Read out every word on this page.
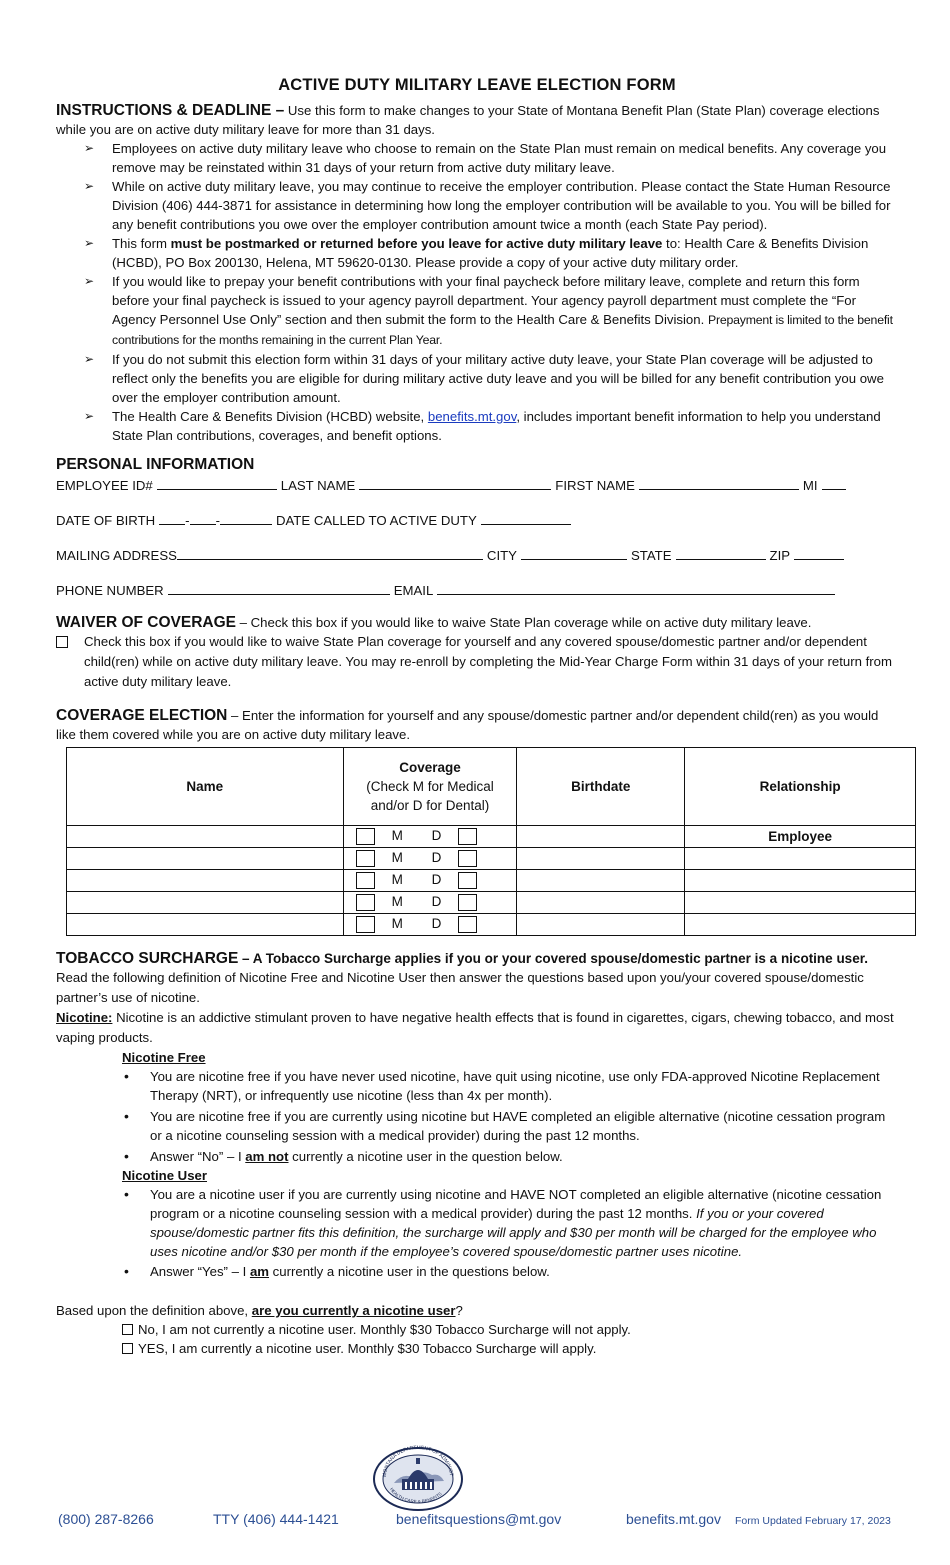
ACTIVE DUTY MILITARY LEAVE ELECTION FORM

INSTRUCTIONS & DEADLINE – Use this form to make changes to your State of Montana Benefit Plan (State Plan) coverage elections while you are on active duty military leave for more than 31 days.

➢ Employees on active duty military leave who choose to remain on the State Plan must remain on medical benefits. Any coverage you remove may be reinstated within 31 days of your return from active duty military leave.
➢ While on active duty military leave, you may continue to receive the employer contribution. Please contact the State Human Resource Division (406) 444-3871 for assistance in determining how long the employer contribution will be available to you. You will be billed for any benefit contributions you owe over the employer contribution amount twice a month (each State Pay period).
➢ This form must be postmarked or returned before you leave for active duty military leave to: Health Care & Benefits Division (HCBD), PO Box 200130, Helena, MT 59620-0130. Please provide a copy of your active duty military order.
➢ If you would like to prepay your benefit contributions with your final paycheck before military leave, complete and return this form before your final paycheck is issued to your agency payroll department. Your agency payroll department must complete the “For Agency Personnel Use Only” section and then submit the form to the Health Care & Benefits Division. Prepayment is limited to the benefit contributions for the months remaining in the current Plan Year.
➢ If you do not submit this election form within 31 days of your military active duty leave, your State Plan coverage will be adjusted to reflect only the benefits you are eligible for during military active duty leave and you will be billed for any benefit contribution you owe over the employer contribution amount.
➢ The Health Care & Benefits Division (HCBD) website, benefits.mt.gov, includes important benefit information to help you understand State Plan contributions, coverages, and benefit options.
PERSONAL INFORMATION
EMPLOYEE ID#	LAST NAME	FIRST NAME	MI
DATE OF BIRTH - -	DATE CALLED TO ACTIVE DUTY
MAILING ADDRESS	CITY	STATE	ZIP
PHONE NUMBER	EMAIL

WAIVER OF COVERAGE – Check this box if you would like to waive State Plan coverage while on active duty military leave.

Check this box if you would like to waive State Plan coverage for yourself and any covered spouse/domestic partner and/or dependent child(ren) while on active duty military leave. You may re-enroll by completing the Mid-Year Charge Form within 31 days of your return from active duty military leave.

COVERAGE ELECTION – Enter the information for yourself and any spouse/domestic partner and/or dependent child(ren) as you would like them covered while you are on active duty military leave.

Name	Coverage
(Check M for Medical
and/or D for Dental)	Birthdate	Relationship

	M D		Employee

	M D		

	M D		

	M D		

	M D		

TOBACCO SURCHARGE – A Tobacco Surcharge applies if you or your covered spouse/domestic partner is a nicotine user.

Read the following definition of Nicotine Free and Nicotine User then answer the questions based upon you/your covered spouse/domestic partner’s use of nicotine.

Nicotine: Nicotine is an addictive stimulant proven to have negative health effects that is found in cigarettes, cigars, chewing tobacco, and most vaping products.

Nicotine Free
• You are nicotine free if you have never used nicotine, have quit using nicotine, use only FDA-approved Nicotine Replacement Therapy (NRT), or infrequently use nicotine (less than 4x per month).
• You are nicotine free if you are currently using nicotine but HAVE completed an eligible alternative (nicotine cessation program or a nicotine counseling session with a medical provider) during the past 12 months.
• Answer “No” – I am not currently a nicotine user in the question below.
Nicotine User
• You are a nicotine user if you are currently using nicotine and HAVE NOT completed an eligible alternative (nicotine cessation program or a nicotine counseling session with a medical provider) during the past 12 months. If you or your covered spouse/domestic partner fits this definition, the surcharge will apply and $30 per month will be charged for the employee who uses nicotine and/or $30 per month if the employee’s covered spouse/domestic partner uses nicotine.
• Answer “Yes” – I am currently a nicotine user in the questions below.

Based upon the definition above, are you currently a nicotine user?

No, I am not currently a nicotine user. Monthly $30 Tobacco Surcharge will not apply.
YES, I am currently a nicotine user. Monthly $30 Tobacco Surcharge will apply.
MONTANA DEPARTMENT OF ADMINIST
HEALTH CARE & BENEFITS
(800) 287-8266	TTY (406) 444-1421	benefitsquestions@mt.gov	benefits.mt.gov Form Updated February 17, 2023
